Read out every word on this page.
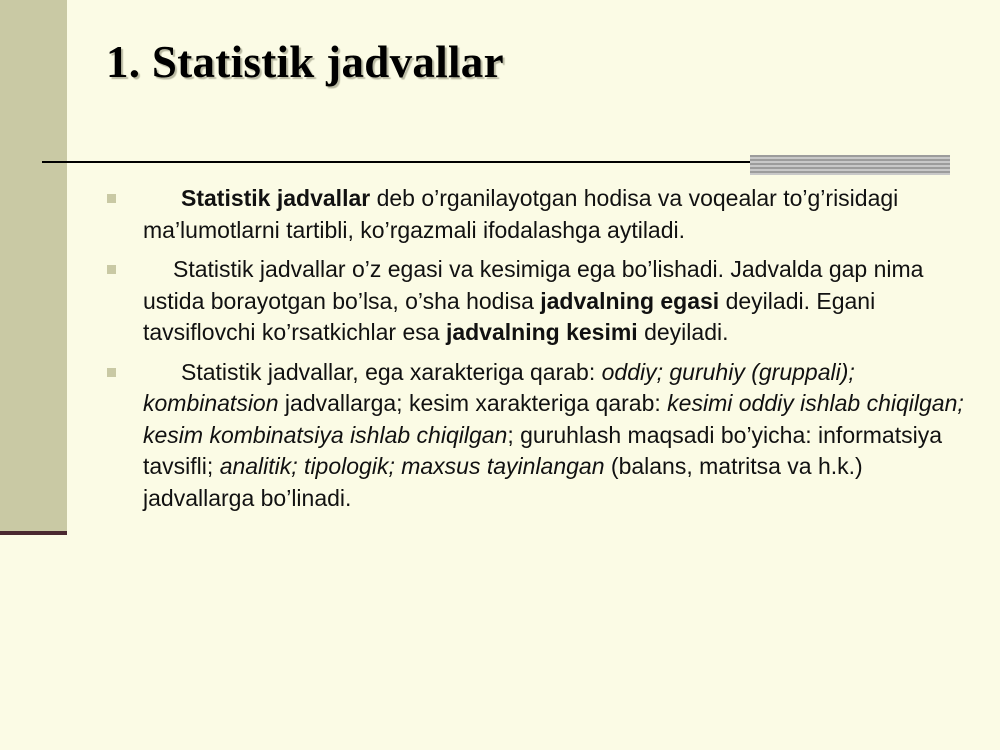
1. Statistik jadvallar
Statistik jadvallar deb o’rganilayotgan hodisa va voqealar to’g’risidagi ma’lumotlarni tartibli, ko’rgazmali ifodalashga aytiladi.
Statistik jadvallar o’z egasi va kesimiga ega bo’lishadi. Jadvalda gap nima ustida borayotgan bo’lsa, o’sha hodisa jadvalning egasi deyiladi. Egani tavsiflovchi ko’rsatkichlar esa jadvalning kesimi deyiladi.
Statistik jadvallar, ega xarakteriga qarab: oddiy; guruhiy (gruppali); kombinatsion jadvallarga; kesim xarakteriga qarab: kesimi oddiy ishlab chiqilgan; kesim kombinatsiya ishlab chiqilgan; guruhlash maqsadi bo’yicha: informatsiya tavsifli; analitik; tipologik; maxsus tayinlangan (balans, matritsa va h.k.) jadvallarga bo’linadi.
